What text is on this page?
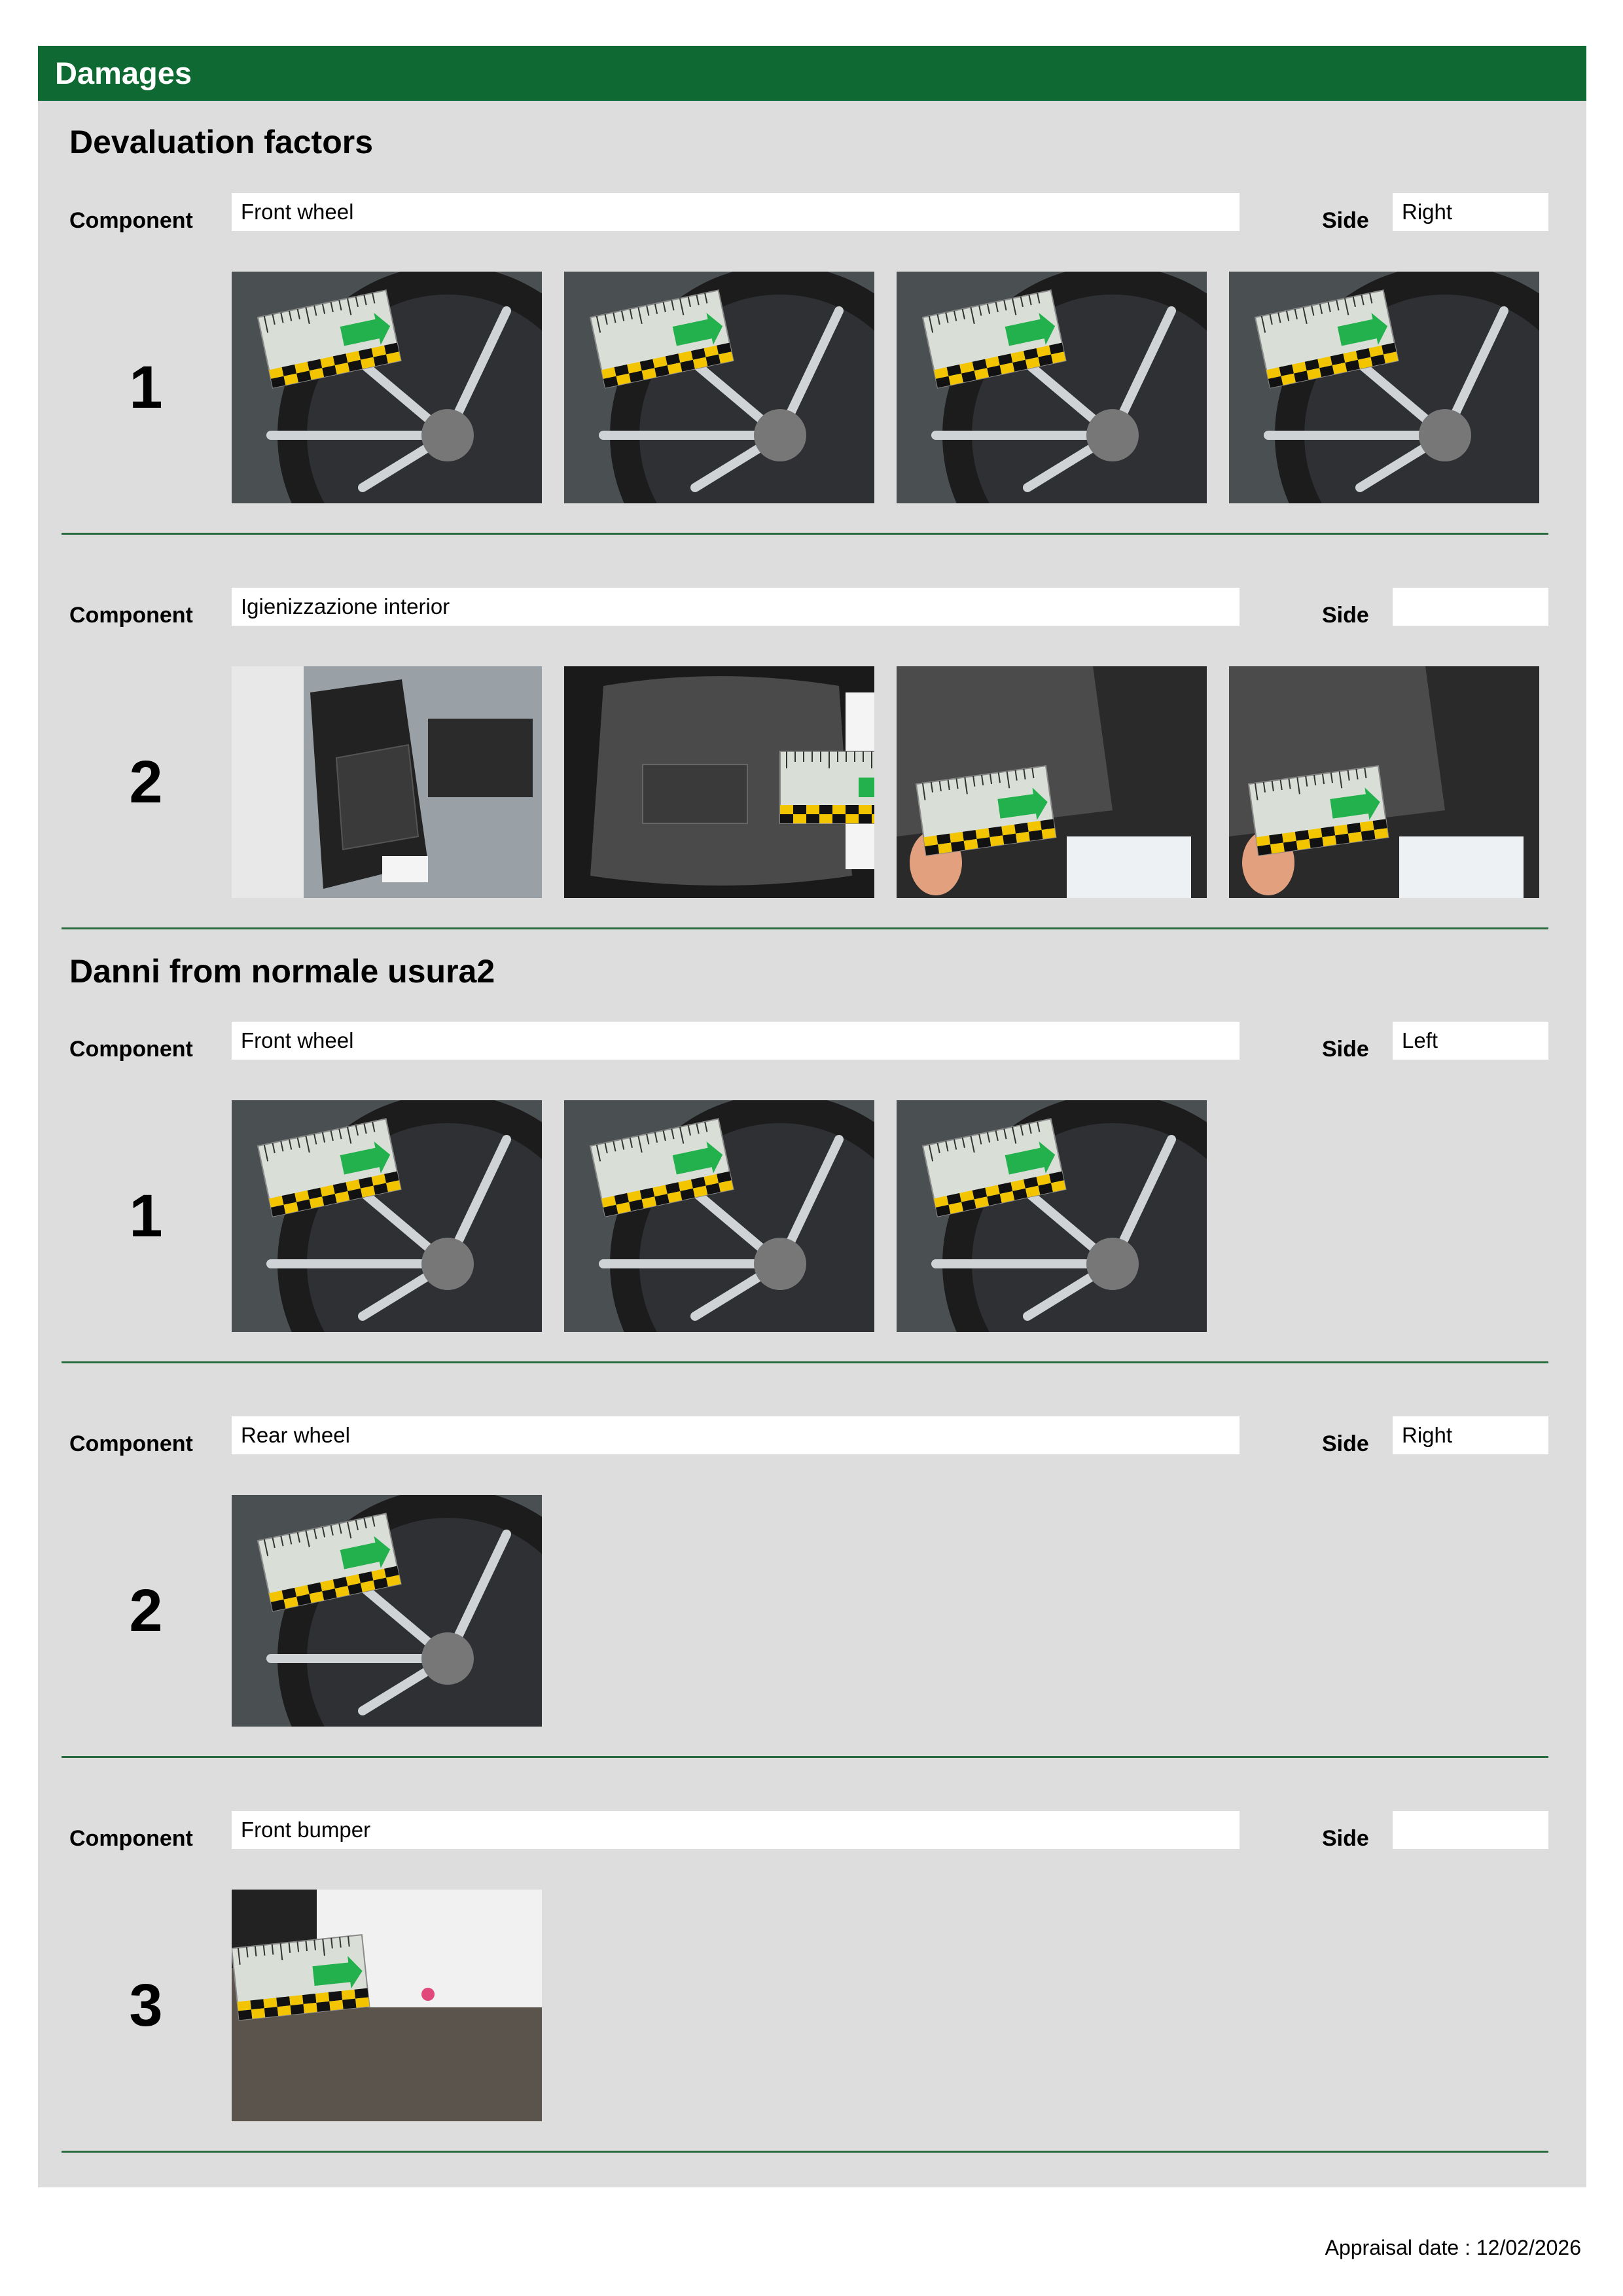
Damages
Devaluation factors
Component	Front wheel	Side	Right
1
Component	Igienizzazione interior	Side
2
Danni from normale usura2
Component	Front wheel	Side	Left
1
Component	Rear wheel	Side	Right
2
Component	Front bumper	Side
3
Appraisal date : 12/02/2026
